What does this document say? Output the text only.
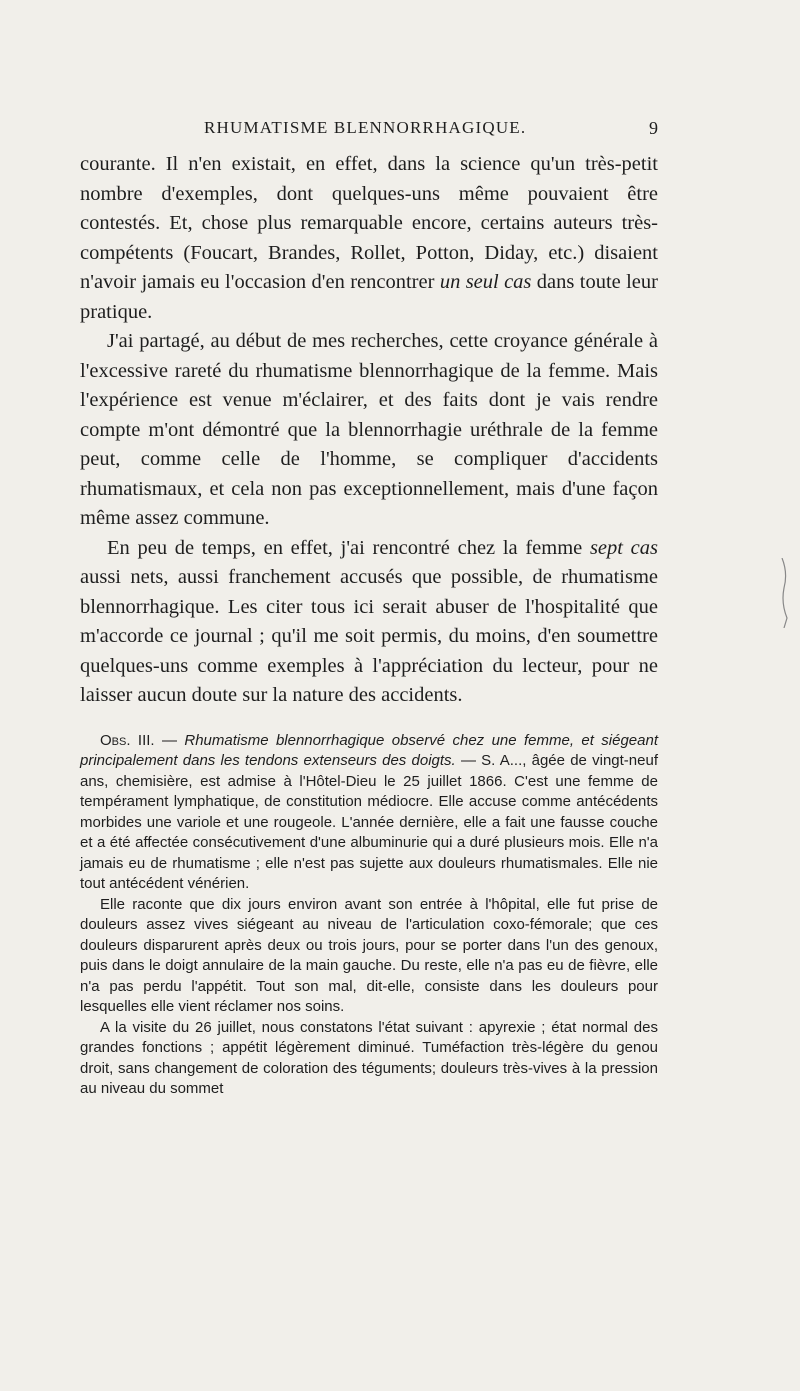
RHUMATISME BLENNORRHAGIQUE.	9

courante. Il n'en existait, en effet, dans la science qu'un très-petit nombre d'exemples, dont quelques-uns même pouvaient être contestés. Et, chose plus remarquable encore, certains auteurs très-compétents (Foucart, Brandes, Rollet, Potton, Diday, etc.) disaient n'avoir jamais eu l'occasion d'en rencontrer un seul cas dans toute leur pratique.

J'ai partagé, au début de mes recherches, cette croyance générale à l'excessive rareté du rhumatisme blennorrhagique de la femme. Mais l'expérience est venue m'éclairer, et des faits dont je vais rendre compte m'ont démontré que la blennorrhagie uréthrale de la femme peut, comme celle de l'homme, se compliquer d'accidents rhumatismaux, et cela non pas exceptionnellement, mais d'une façon même assez commune.

En peu de temps, en effet, j'ai rencontré chez la femme sept cas aussi nets, aussi franchement accusés que possible, de rhumatisme blennorrhagique. Les citer tous ici serait abuser de l'hospitalité que m'accorde ce journal ; qu'il me soit permis, du moins, d'en soumettre quelques-uns comme exemples à l'appréciation du lecteur, pour ne laisser aucun doute sur la nature des accidents.

Obs. III. — Rhumatisme blennorrhagique observé chez une femme, et siégeant principalement dans les tendons extenseurs des doigts. — S. A..., âgée de vingt-neuf ans, chemisière, est admise à l'Hôtel-Dieu le 25 juillet 1866. C'est une femme de tempérament lymphatique, de constitution médiocre. Elle accuse comme antécédents morbides une variole et une rougeole. L'année dernière, elle a fait une fausse couche et a été affectée consécutivement d'une albuminurie qui a duré plusieurs mois. Elle n'a jamais eu de rhumatisme ; elle n'est pas sujette aux douleurs rhumatismales. Elle nie tout antécédent vénérien.

Elle raconte que dix jours environ avant son entrée à l'hôpital, elle fut prise de douleurs assez vives siégeant au niveau de l'articulation coxo-fémorale; que ces douleurs disparurent après deux ou trois jours, pour se porter dans l'un des genoux, puis dans le doigt annulaire de la main gauche. Du reste, elle n'a pas eu de fièvre, elle n'a pas perdu l'appétit. Tout son mal, dit-elle, consiste dans les douleurs pour lesquelles elle vient réclamer nos soins.

A la visite du 26 juillet, nous constatons l'état suivant : apyrexie ; état normal des grandes fonctions ; appétit légèrement diminué. Tuméfaction très-légère du genou droit, sans changement de coloration des téguments; douleurs très-vives à la pression au niveau du sommet
